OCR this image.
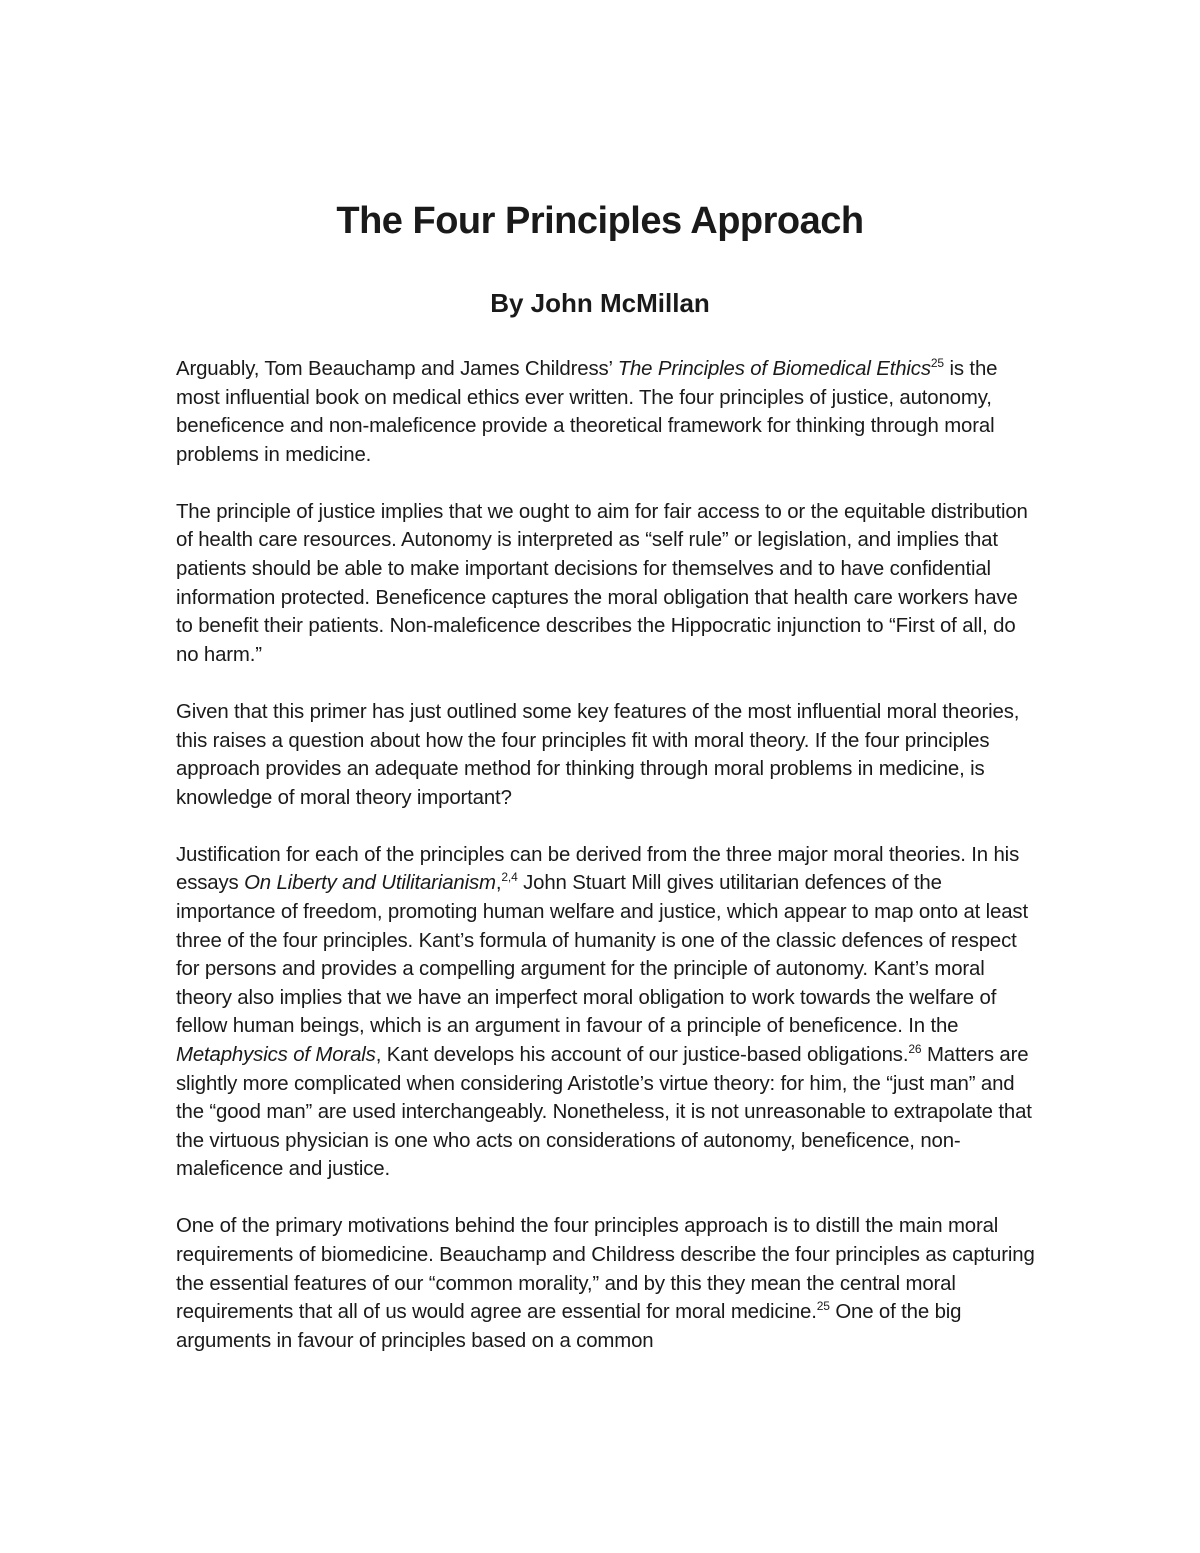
The Four Principles Approach
By John McMillan

Arguably, Tom Beauchamp and James Childress’ The Principles of Biomedical Ethics$^{25}$ is the most influential book on medical ethics ever written. The four principles of justice, autonomy, beneficence and non-maleficence provide a theoretical framework for thinking through moral problems in medicine.

The principle of justice implies that we ought to aim for fair access to or the equitable distribution of health care resources. Autonomy is interpreted as “self rule” or legislation, and implies that patients should be able to make important decisions for themselves and to have confidential information protected. Beneficence captures the moral obligation that health care workers have to benefit their patients. Non-maleficence describes the Hippocratic injunction to “First of all, do no harm.”

Given that this primer has just outlined some key features of the most influential moral theories, this raises a question about how the four principles fit with moral theory. If the four principles approach provides an adequate method for thinking through moral problems in medicine, is knowledge of moral theory important?

Justification for each of the principles can be derived from the three major moral theories. In his essays On Liberty and Utilitarianism,$^{2,4}$ John Stuart Mill gives utilitarian defences of the importance of freedom, promoting human welfare and justice, which appear to map onto at least three of the four principles. Kant’s formula of humanity is one of the classic defences of respect for persons and provides a compelling argument for the principle of autonomy. Kant’s moral theory also implies that we have an imperfect moral obligation to work towards the welfare of fellow human beings, which is an argument in favour of a principle of beneficence. In the Metaphysics of Morals, Kant develops his account of our justice-based obligations.$^{26}$ Matters are slightly more complicated when considering Aristotle’s virtue theory: for him, the “just man” and the “good man” are used interchangeably. Nonetheless, it is not unreasonable to extrapolate that the virtuous physician is one who acts on considerations of autonomy, beneficence, non-maleficence and justice.

One of the primary motivations behind the four principles approach is to distill the main moral requirements of biomedicine. Beauchamp and Childress describe the four principles as capturing the essential features of our “common morality,” and by this they mean the central moral requirements that all of us would agree are essential for moral medicine.$^{25}$ One of the big arguments in favour of principles based on a common
